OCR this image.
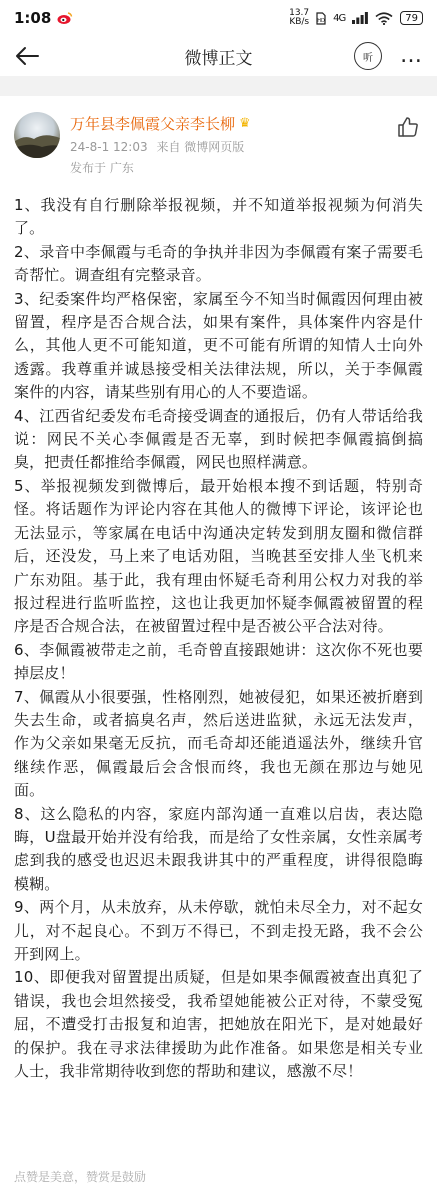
1:08	13.7
KB/s HD 4G	79
微博正文	听 …
万年县李佩霞父亲李长柳 ♛
24-8-1 12:03 来自 微博网页版
发布于 广东

1、我没有自行删除举报视频，并不知道举报视频为何消失了。

2、录音中李佩霞与毛奇的争执并非因为李佩霞有案子需要毛奇帮忙。调查组有完整录音。

3、纪委案件均严格保密，家属至今不知当时佩霞因何理由被留置，程序是否合规合法，如果有案件，具体案件内容是什么，其他人更不可能知道，更不可能有所谓的知情人士向外透露。我尊重并诚恳接受相关法律法规，所以，关于李佩霞案件的内容，请某些别有用心的人不要造谣。

4、江西省纪委发布毛奇接受调查的通报后，仍有人带话给我说：网民不关心李佩霞是否无辜，到时候把李佩霞搞倒搞臭，把责任都推给李佩霞，网民也照样满意。

5、举报视频发到微博后，最开始根本搜不到话题，特别奇怪。将话题作为评论内容在其他人的微博下评论，该评论也无法显示，等家属在电话中沟通决定转发到朋友圈和微信群后，还没发，马上来了电话劝阻，当晚甚至安排人坐飞机来广东劝阻。基于此，我有理由怀疑毛奇利用公权力对我的举报过程进行监听监控，这也让我更加怀疑李佩霞被留置的程序是否合规合法，在被留置过程中是否被公平合法对待。

6、李佩霞被带走之前，毛奇曾直接跟她讲：这次你不死也要掉层皮！

7、佩霞从小很要强，性格刚烈，她被侵犯，如果还被折磨到失去生命，或者搞臭名声，然后送进监狱，永远无法发声，作为父亲如果毫无反抗，而毛奇却还能逍遥法外，继续升官继续作恶，佩霞最后会含恨而终，我也无颜在那边与她见面。

8、这么隐私的内容，家庭内部沟通一直难以启齿，表达隐晦，U盘最开始并没有给我，而是给了女性亲属，女性亲属考虑到我的感受也迟迟未跟我讲其中的严重程度，讲得很隐晦模糊。

9、两个月，从未放弃，从未停歇，就怕未尽全力，对不起女儿，对不起良心。不到万不得已，不到走投无路，我不会公开到网上。

10、即便我对留置提出质疑，但是如果李佩霞被查出真犯了错误，我也会坦然接受，我希望她能被公正对待，不蒙受冤屈，不遭受打击报复和迫害，把她放在阳光下，是对她最好的保护。我在寻求法律援助为此作准备。如果您是相关专业人士，我非常期待收到您的帮助和建议，感激不尽！

点赞是美意，赞赏是鼓励
